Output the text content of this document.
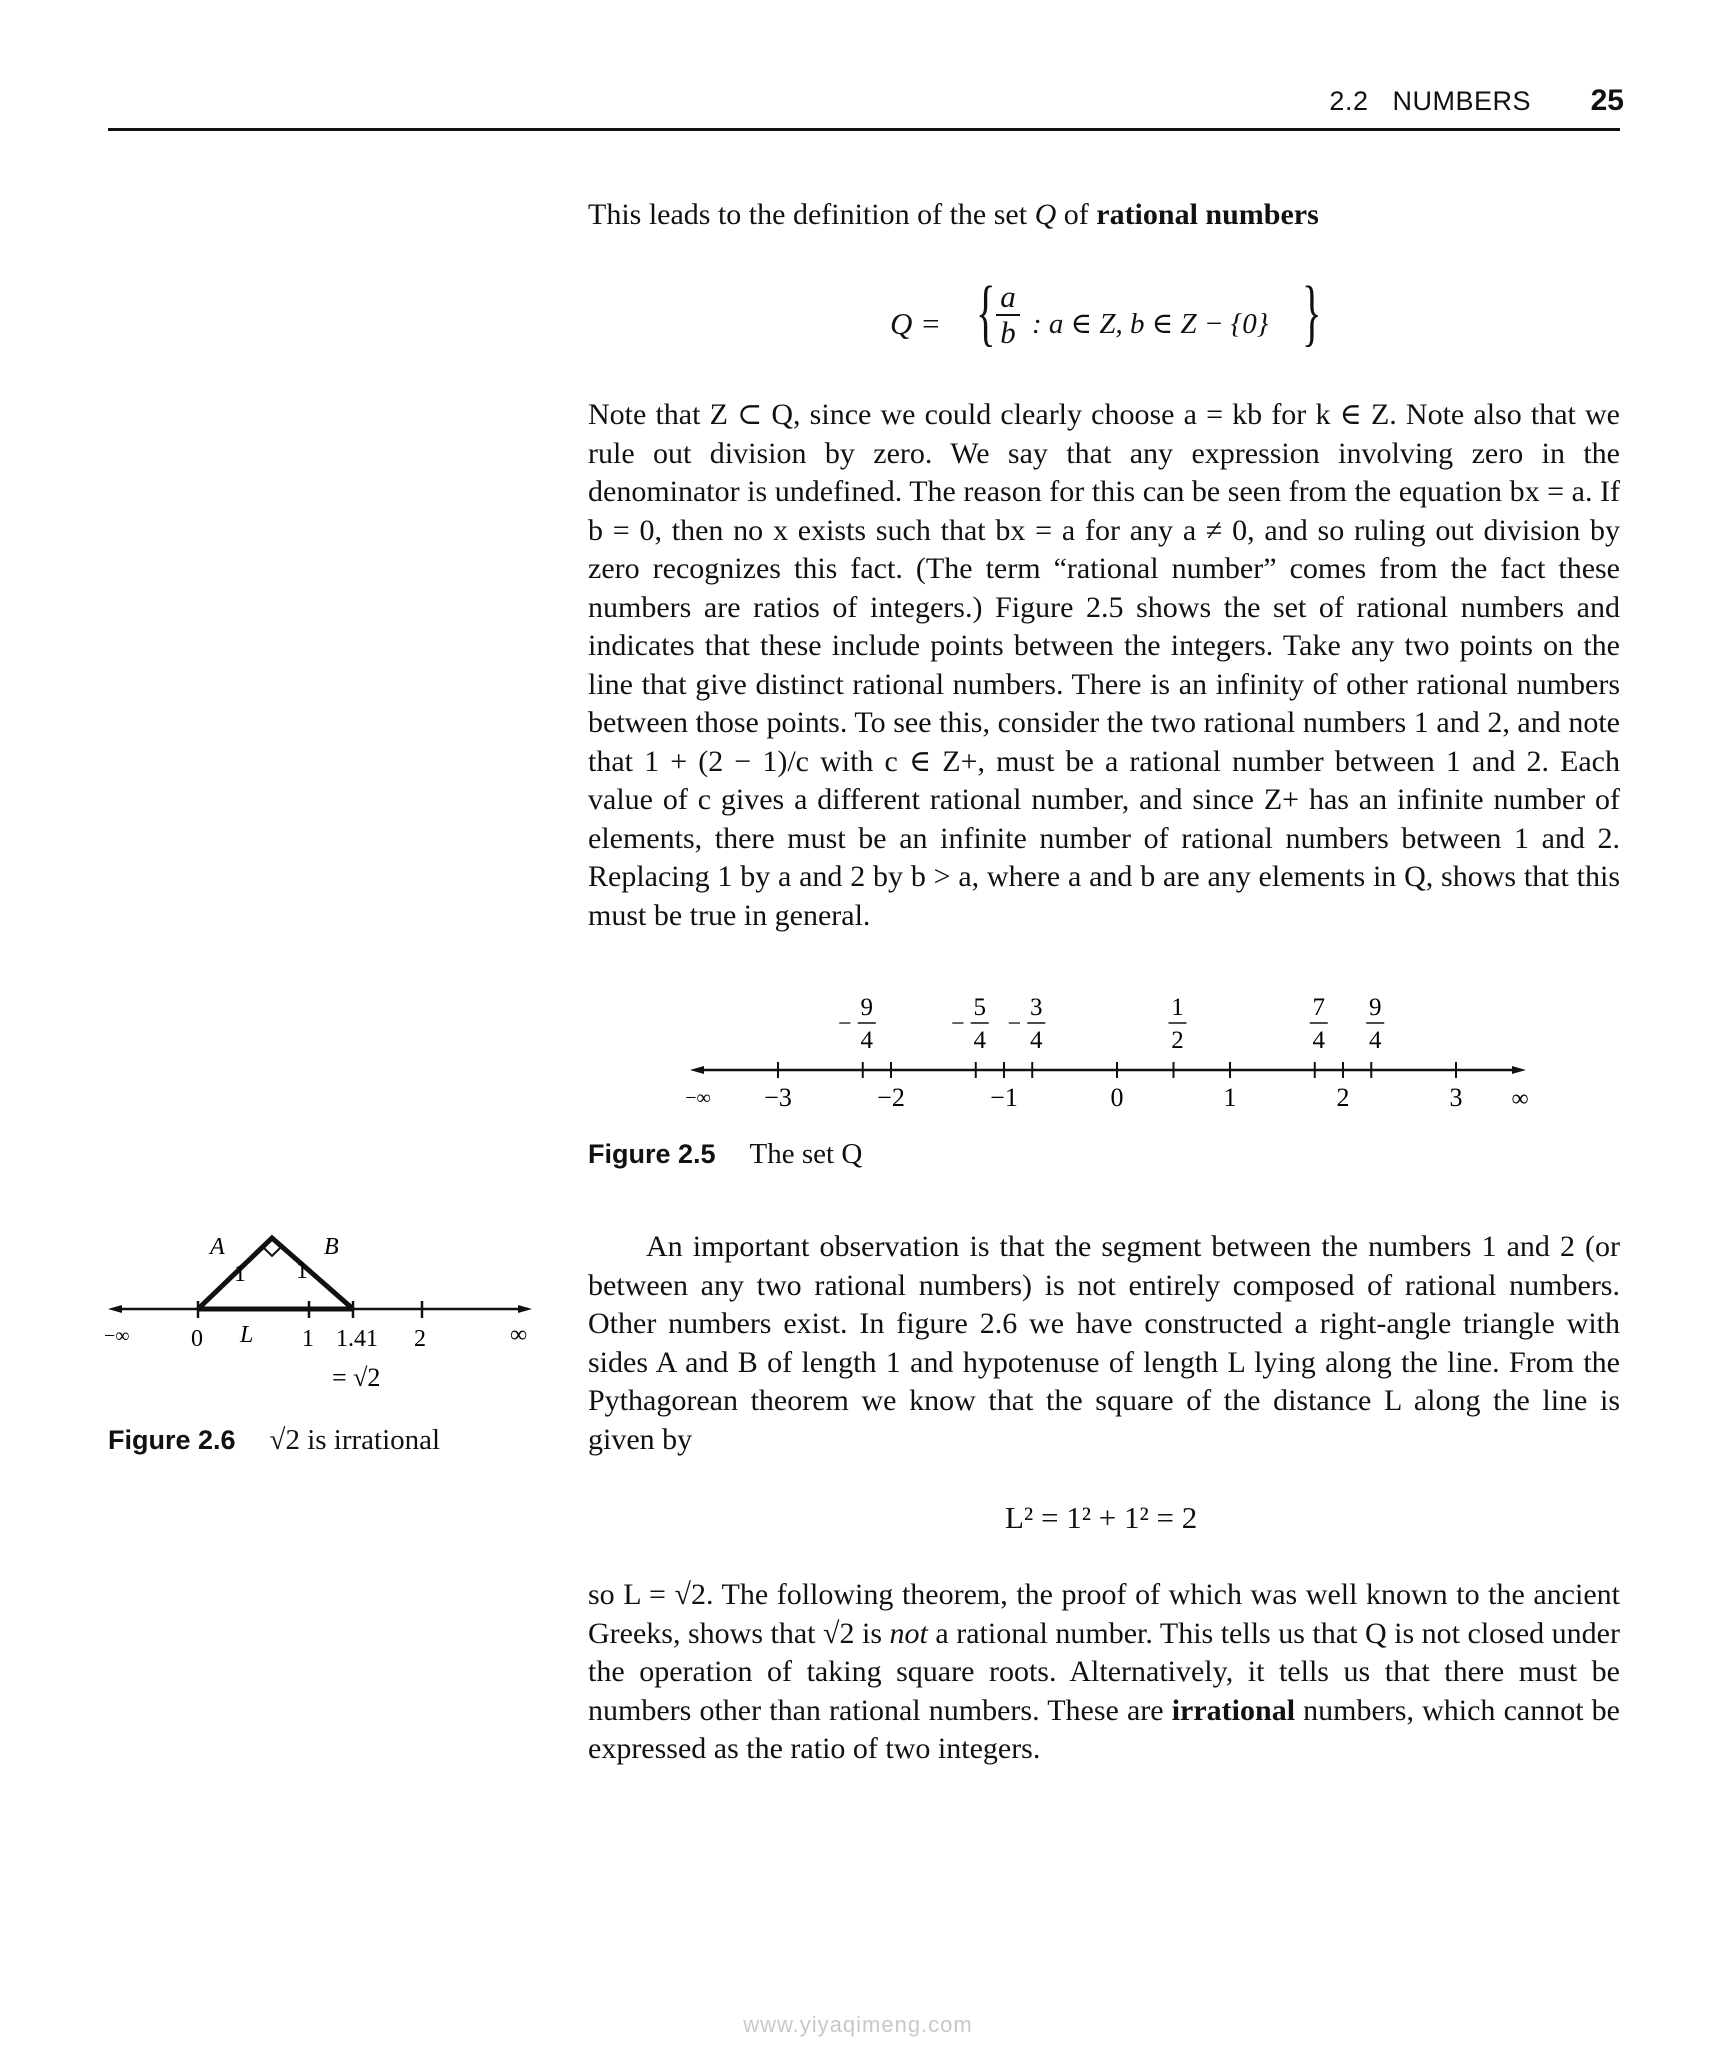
2.2 NUMBERS 25
This leads to the definition of the set Q of rational numbers
Q = { a
b : a ∈ Z, b ∈ Z − {0} }

Note that Z ⊂ Q, since we could clearly choose a = kb for k ∈ Z. Note also that we rule out division by zero. We say that any expression involving zero in the denominator is undefined. The reason for this can be seen from the equation bx = a. If b = 0, then no x exists such that bx = a for any a ≠ 0, and so ruling out division by zero recognizes this fact. (The term “rational number” comes from the fact these numbers are ratios of integers.) Figure 2.5 shows the set of rational numbers and indicates that these include points between the integers. Take any two points on the line that give distinct rational numbers. There is an infinity of other rational numbers between those points. To see this, consider the two rational numbers 1 and 2, and note that 1 + (2 − 1)/c with c ∈ Z+, must be a rational number between 1 and 2. Each value of c gives a different rational number, and since Z+ has an infinite number of elements, there must be an infinite number of rational numbers between 1 and 2. Replacing 1 by a and 2 by b > a, where a and b are any elements in Q, shows that this must be true in general.

−3	−2	−1	0	1	2	3
9
4
−
5
4
−
3
4
−
1
2
7
4
9
4
−∞	∞
Figure 2.5 The set Q
A	B
1 1
−∞	∞
0 L 1 1.41 2
= √2
Figure 2.6 √2 is irrational

An important observation is that the segment between the numbers 1 and 2 (or between any two rational numbers) is not entirely composed of rational numbers. Other numbers exist. In figure 2.6 we have constructed a right-angle triangle with sides A and B of length 1 and hypotenuse of length L lying along the line. From the Pythagorean theorem we know that the square of the distance L along the line is given by

L² = 1² + 1² = 2

so L = √2. The following theorem, the proof of which was well known to the ancient Greeks, shows that √2 is not a rational number. This tells us that Q is not closed under the operation of taking square roots. Alternatively, it tells us that there must be numbers other than rational numbers. These are irrational numbers, which cannot be expressed as the ratio of two integers.

www.yiyaqimeng.com
